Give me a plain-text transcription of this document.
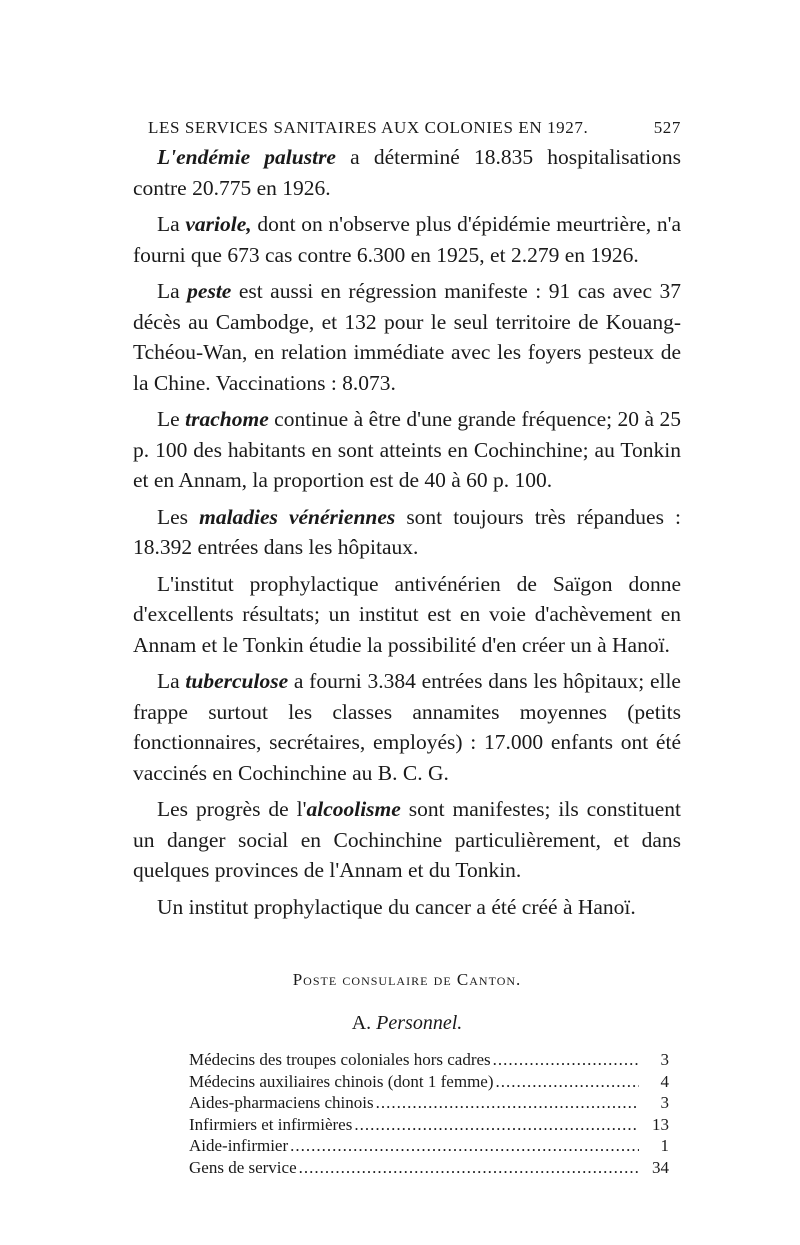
LES SERVICES SANITAIRES AUX COLONIES EN 1927.	527

L'endémie palustre a déterminé 18.835 hospitalisations contre 20.775 en 1926.

La variole, dont on n'observe plus d'épidémie meurtrière, n'a fourni que 673 cas contre 6.300 en 1925, et 2.279 en 1926.

La peste est aussi en régression manifeste : 91 cas avec 37 décès au Cambodge, et 132 pour le seul territoire de Kouang-Tchéou-Wan, en relation immédiate avec les foyers pesteux de la Chine. Vaccinations : 8.073.

Le trachome continue à être d'une grande fréquence; 20 à 25 p. 100 des habitants en sont atteints en Cochinchine; au Tonkin et en Annam, la proportion est de 40 à 60 p. 100.

Les maladies vénériennes sont toujours très répandues : 18.392 entrées dans les hôpitaux.

L'institut prophylactique antivénérien de Saïgon donne d'excellents résultats; un institut est en voie d'achèvement en Annam et le Tonkin étudie la possibilité d'en créer un à Hanoï.

La tuberculose a fourni 3.384 entrées dans les hôpitaux; elle frappe surtout les classes annamites moyennes (petits fonctionnaires, secrétaires, employés) : 17.000 enfants ont été vaccinés en Cochinchine au B. C. G.

Les progrès de l'alcoolisme sont manifestes; ils constituent un danger social en Cochinchine particulièrement, et dans quelques provinces de l'Annam et du Tonkin.

Un institut prophylactique du cancer a été créé à Hanoï.

Poste consulaire de Canton.
A. Personnel.
Médecins des troupes coloniales hors cadres .....	3
Médecins auxiliaires chinois (dont 1 femme) .....	4
Aides-pharmaciens chinois .....	3
Infirmiers et infirmières .....	13
Aide-infirmier .....	1
Gens de service .....	34
